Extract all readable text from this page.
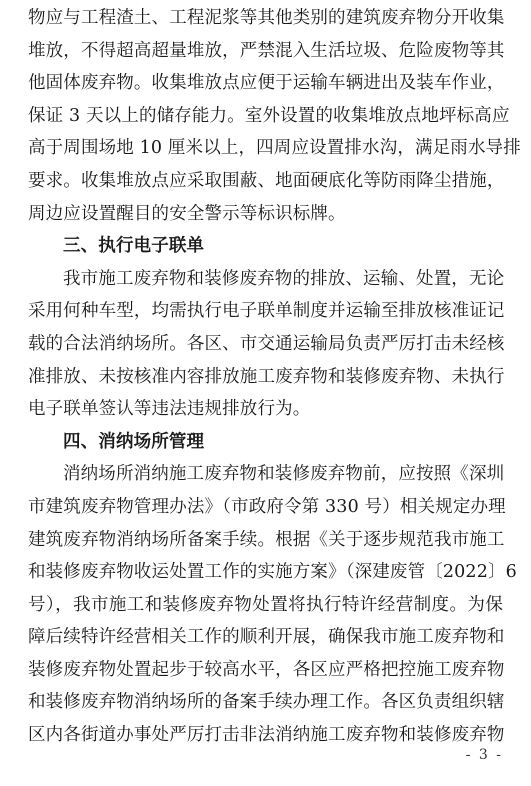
物应与工程渣土、工程泥浆等其他类别的建筑废弃物分开收集
堆放，不得超高超量堆放，严禁混入生活垃圾、危险废物等其
他固体废弃物。收集堆放点应便于运输车辆进出及装车作业，
保证 3 天以上的储存能力。室外设置的收集堆放点地坪标高应
高于周围场地 10 厘米以上，四周应设置排水沟，满足雨水导排
要求。收集堆放点应采取围蔽、地面硬底化等防雨降尘措施，
周边应设置醒目的安全警示等标识标牌。
三、执行电子联单
我市施工废弃物和装修废弃物的排放、运输、处置，无论
采用何种车型，均需执行电子联单制度并运输至排放核准证记
载的合法消纳场所。各区、市交通运输局负责严厉打击未经核
准排放、未按核准内容排放施工废弃物和装修废弃物、未执行
电子联单签认等违法违规排放行为。
四、消纳场所管理
消纳场所消纳施工废弃物和装修废弃物前，应按照《深圳
市建筑废弃物管理办法》（市政府令第 330 号）相关规定办理
建筑废弃物消纳场所备案手续。根据《关于逐步规范我市施工
和装修废弃物收运处置工作的实施方案》（深建废管〔2022〕6
号），我市施工和装修废弃物处置将执行特许经营制度。为保
障后续特许经营相关工作的顺利开展，确保我市施工废弃物和
装修废弃物处置起步于较高水平，各区应严格把控施工废弃物
和装修废弃物消纳场所的备案手续办理工作。各区负责组织辖
区内各街道办事处严厉打击非法消纳施工废弃物和装修废弃物
- 3 -
